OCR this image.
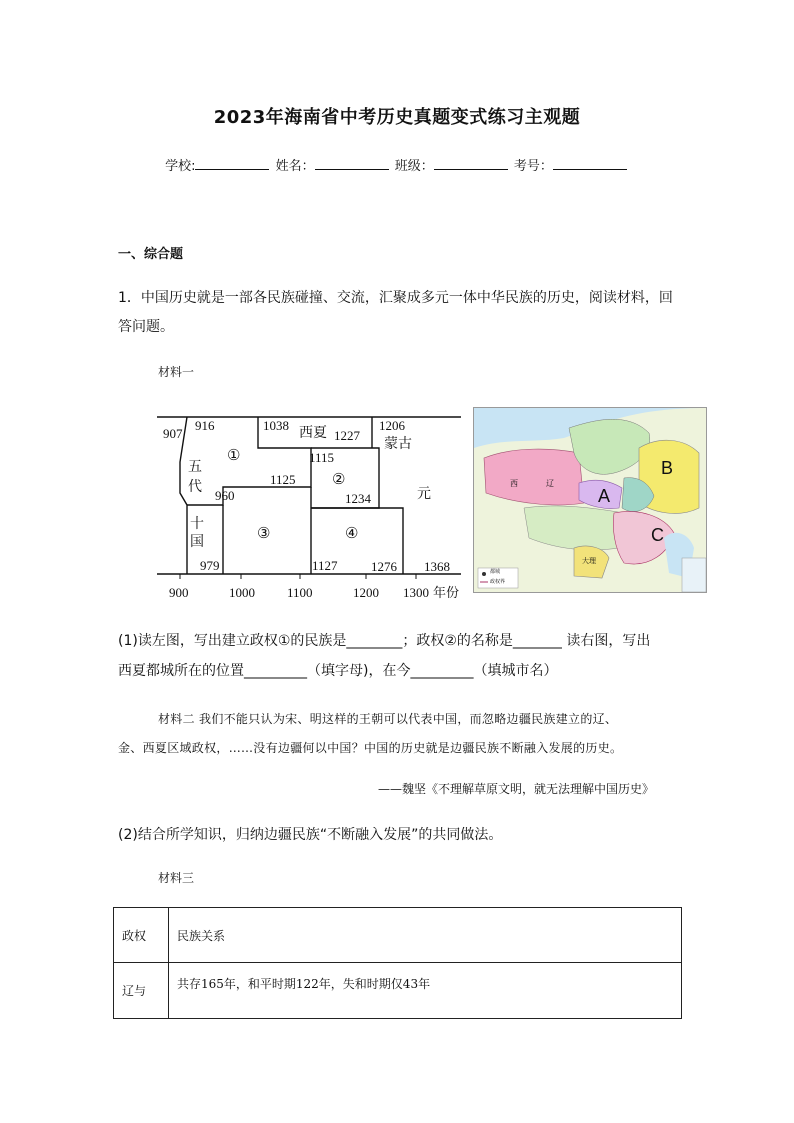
2023年海南省中考历史真题变式练习主观题
学校:	姓名：	班级：	考号：
一、综合题
1．中国历史就是一部各民族碰撞、交流，汇聚成多元一体中华民族的历史，阅读材料，回
答问题。
材料一
907
916	1038
西夏 1227
1206
蒙古
①	1115
五
代
1125 ②
元
960	1234
十
国
③	④
979	1127	1276 1368
900	1000 1100	1200 1300 年份
西	辽
A
B
C
大理
都城
政权界
(1)读左图，写出建立政权①的民族是________；政权②的名称是_______ 读右图，写出
西夏都城所在的位置_________（填字母)，在今_________（填城市名）
材料二 我们不能只认为宋、明这样的王朝可以代表中国，而忽略边疆民族建立的辽、
金、西夏区域政权，……没有边疆何以中国？中国的历史就是边疆民族不断融入发展的历史。
——魏坚《不理解草原文明，就无法理解中国历史》
(2)结合所学知识，归纳边疆民族“不断融入发展”的共同做法。
材料三
政权	民族关系
辽与	共存165年，和平时期122年，失和时期仅43年
